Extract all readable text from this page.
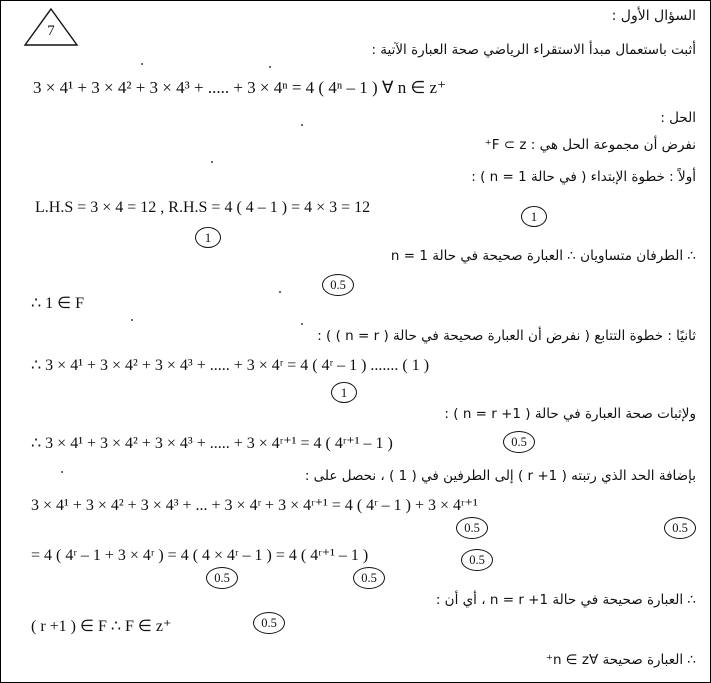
7
السؤال الأول :
أثبت باستعمال مبدأ الاستقراء الرياضي صحة العبارة الآتية :
3 × 4¹ + 3 × 4² + 3 × 4³ + ..... + 3 × 4ⁿ = 4 ( 4ⁿ – 1 ) ∀ n ∈ z⁺
الحل :
نفرض أن مجموعة الحل هي : F ⊂ z⁺
أولاً : خطوة الإبتداء ( في حالة n = 1 ) :
L.H.S = 3 × 4 = 12 , R.H.S = 4 ( 4 – 1 ) = 4 × 3 = 12	1
1
∴ الطرفان متساويان ∴ العبارة صحيحة في حالة n = 1
0.5
∴ 1 ∈ F
ثانيًا : خطوة التتابع ( نفرض أن العبارة صحيحة في حالة ( n = r ) ) :
∴ 3 × 4¹ + 3 × 4² + 3 × 4³ + ..... + 3 × 4ʳ = 4 ( 4ʳ – 1 ) ....... ( 1 )
1
ولإثبات صحة العبارة في حالة ( n = r +1 ) :
∴ 3 × 4¹ + 3 × 4² + 3 × 4³ + ..... + 3 × 4ʳ⁺¹ = 4 ( 4ʳ⁺¹ – 1 )	0.5
بإضافة الحد الذي رتبته ( r +1 ) إلى الطرفين في ( 1 ) ، نحصل على :
3 × 4¹ + 3 × 4² + 3 × 4³ + ... + 3 × 4ʳ + 3 × 4ʳ⁺¹ = 4 ( 4ʳ – 1 ) + 3 × 4ʳ⁺¹
0.5	0.5
= 4 ( 4ʳ – 1 + 3 × 4ʳ ) = 4 ( 4 × 4ʳ – 1 ) = 4 ( 4ʳ⁺¹ – 1 )	0.5
0.5	0.5
∴ العبارة صحيحة في حالة n = r +1 ، أي أن :
( r +1 ) ∈ F ∴ F ∈ z⁺	0.5
∴ العبارة صحيحة ∀n ∈ z⁺
